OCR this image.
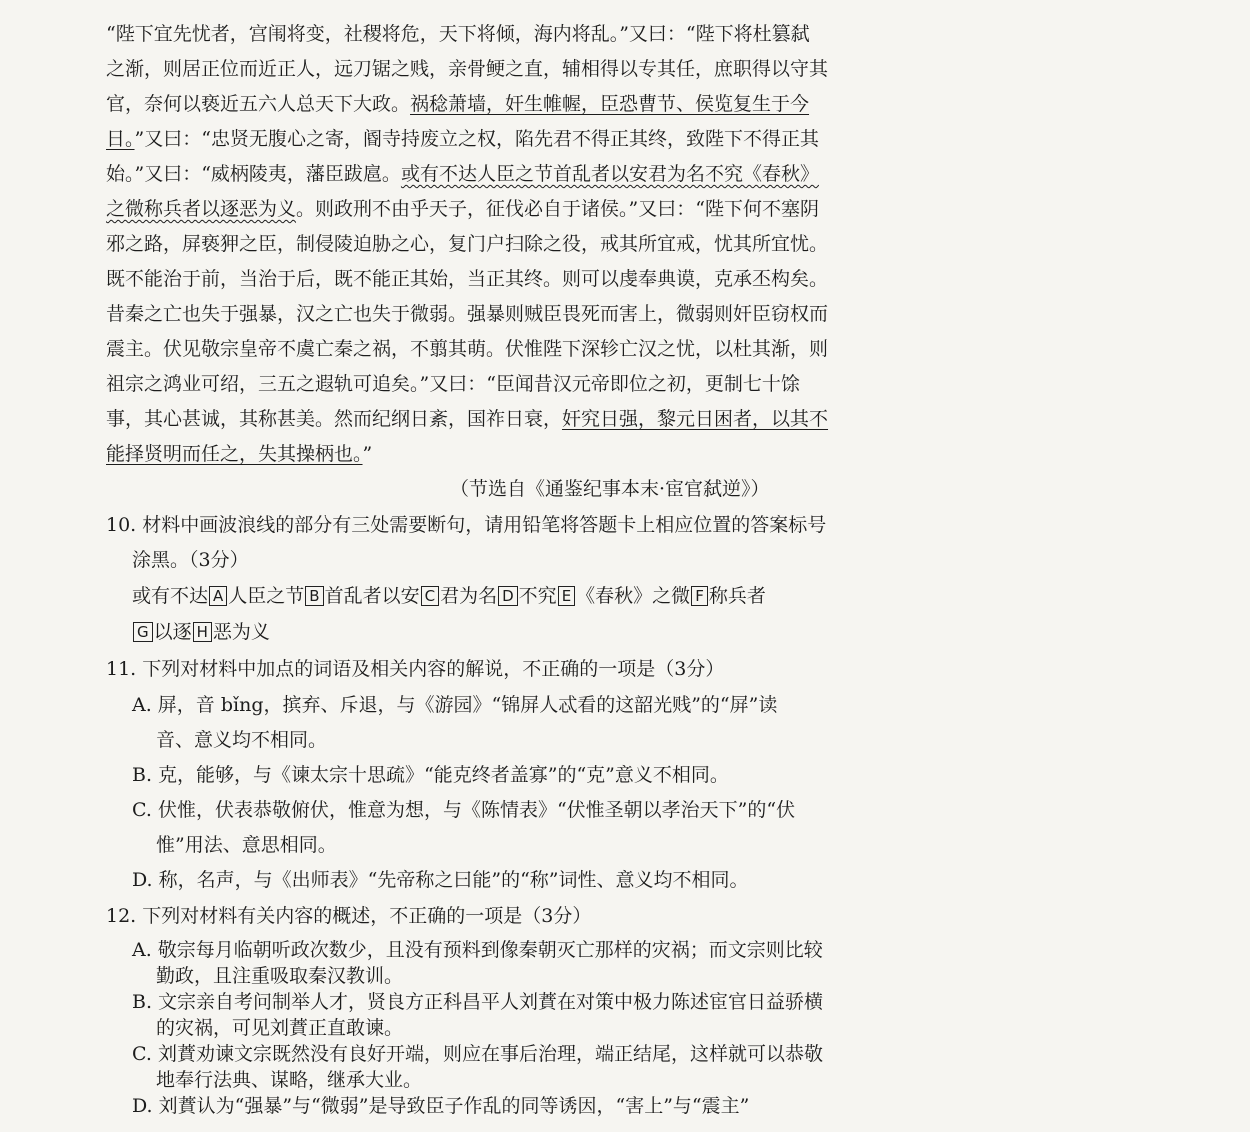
“陛下宜先忧者，宫闱将变，社稷将危，天下将倾，海内将乱。”又曰：“陛下将杜篡弑
之渐，则居正位而近正人，远刀锯之贱，亲骨鲠之直，辅相得以专其任，庶职得以守其
官，奈何以亵近五六人总天下大政。祸稔萧墙，奸生帷幄，臣恐曹节、侯览复生于今
日。”又曰：“忠贤无腹心之寄，阍寺持废立之权，陷先君不得正其终，致陛下不得正其
始。”又曰：“威柄陵夷，藩臣跋扈。或有不达人臣之节首乱者以安君为名不究《春秋》
之微称兵者以逐恶为义。则政刑不由乎天子，征伐必自于诸侯。”又曰：“陛下何不塞阴
邪之路，屏亵狎之臣，制侵陵迫胁之心，复门户扫除之役，戒其所宜戒，忧其所宜忧。
既不能治于前，当治于后，既不能正其始，当正其终。则可以虔奉典谟，克承丕构矣。
昔秦之亡也失于强暴，汉之亡也失于微弱。强暴则贼臣畏死而害上，微弱则奸臣窃权而
震主。伏见敬宗皇帝不虞亡秦之祸，不翦其萌。伏惟陛下深轸亡汉之忧，以杜其渐，则
祖宗之鸿业可绍，三五之遐轨可追矣。”又曰：“臣闻昔汉元帝即位之初，更制七十馀
事，其心甚诚，其称甚美。然而纪纲日紊，国祚日衰，奸究日强，黎元日困者，以其不
能择贤明而任之，失其操柄也。”
（节选自《通鉴纪事本末·宦官弑逆》）
10. 材料中画波浪线的部分有三处需要断句，请用铅笔将答题卡上相应位置的答案标号
涂黑。（3分）
或有不达 A 人臣之节 B 首乱者以安 C 君为名 D 不究 E 《春秋》之微 F 称兵者
G 以逐 H 恶为义
11. 下列对材料中加点的词语及相关内容的解说，不正确的一项是（3分）
A. 屏，音 bǐng，摈弃、斥退，与《游园》“锦屏人忒看的这韶光贱”的“屏”读
音、意义均不相同。
B. 克，能够，与《谏太宗十思疏》“能克终者盖寡”的“克”意义不相同。
C. 伏惟，伏表恭敬俯伏，惟意为想，与《陈情表》“伏惟圣朝以孝治天下”的“伏
惟”用法、意思相同。
D. 称，名声，与《出师表》“先帝称之曰能”的“称”词性、意义均不相同。
12. 下列对材料有关内容的概述，不正确的一项是（3分）
A. 敬宗每月临朝听政次数少，且没有预料到像秦朝灭亡那样的灾祸；而文宗则比较
勤政，且注重吸取秦汉教训。
B. 文宗亲自考问制举人才，贤良方正科昌平人刘蕡在对策中极力陈述宦官日益骄横
的灾祸，可见刘蕡正直敢谏。
C. 刘蕡劝谏文宗既然没有良好开端，则应在事后治理，端正结尾，这样就可以恭敬
地奉行法典、谋略，继承大业。
D. 刘蕡认为“强暴”与“微弱”是导致臣子作乱的同等诱因，“害上”与“震主”
